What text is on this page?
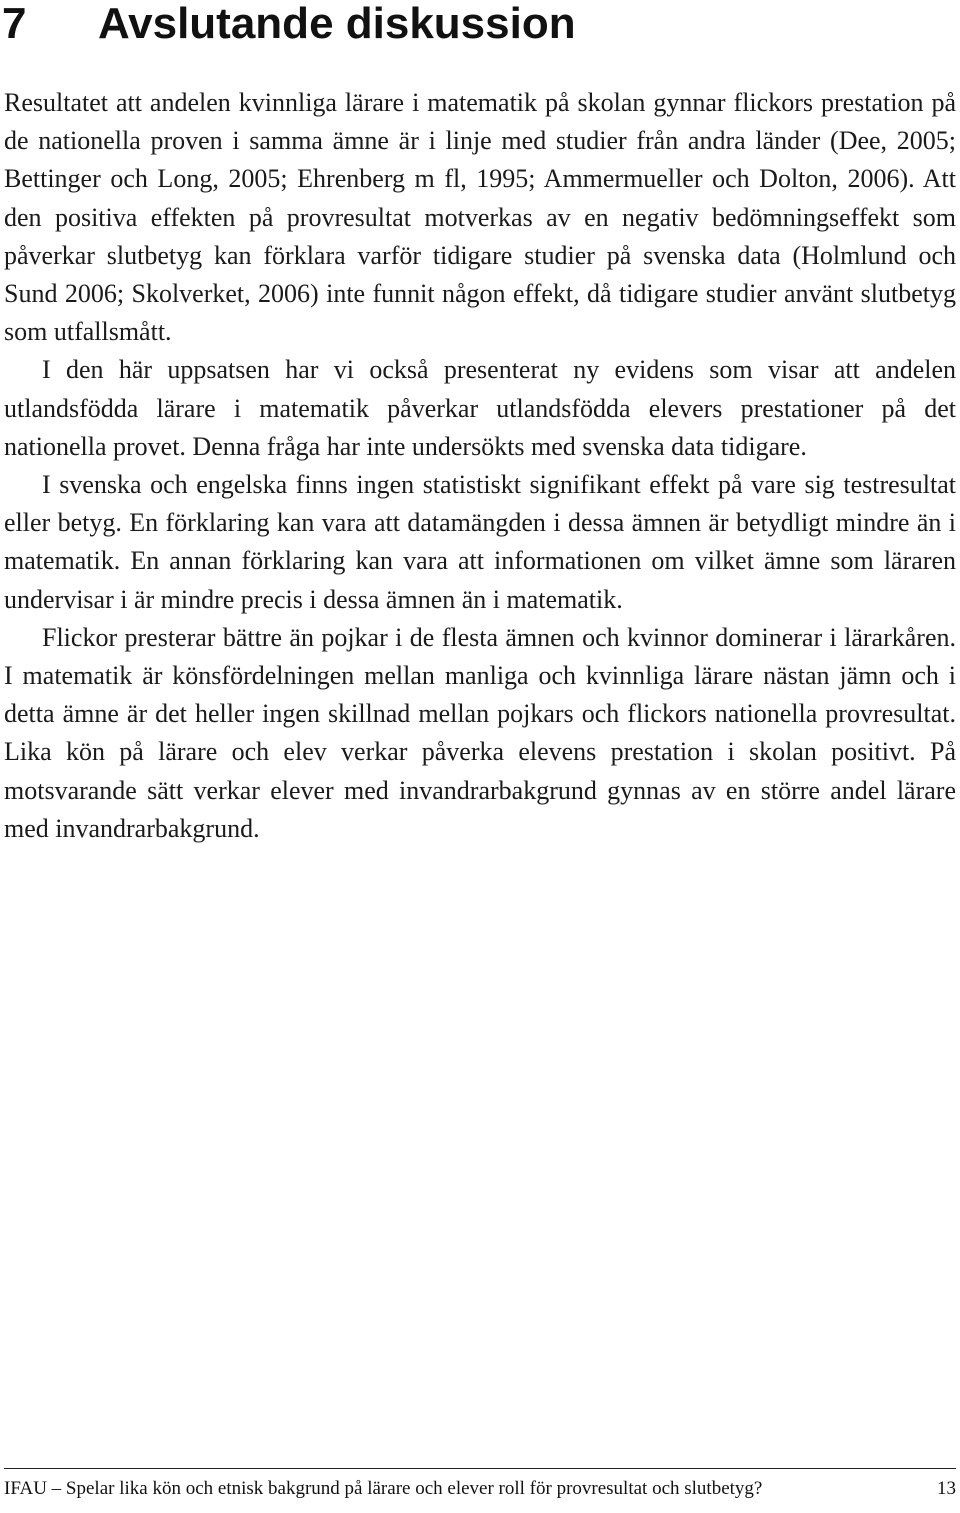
7 Avslutande diskussion

Resultatet att andelen kvinnliga lärare i matematik på skolan gynnar flickors prestation på de nationella proven i samma ämne är i linje med studier från andra länder (Dee, 2005; Bettinger och Long, 2005; Ehrenberg m fl, 1995; Ammermueller och Dolton, 2006). Att den positiva effekten på provresultat motverkas av en negativ bedömningseffekt som påverkar slutbetyg kan förklara varför tidigare studier på svenska data (Holmlund och Sund 2006; Skolverket, 2006) inte funnit någon effekt, då tidigare studier använt slutbetyg som utfallsmått.

I den här uppsatsen har vi också presenterat ny evidens som visar att andelen utlandsfödda lärare i matematik påverkar utlandsfödda elevers prestationer på det nationella provet. Denna fråga har inte undersökts med svenska data tidigare.

I svenska och engelska finns ingen statistiskt signifikant effekt på vare sig testresultat eller betyg. En förklaring kan vara att datamängden i dessa ämnen är betydligt mindre än i matematik. En annan förklaring kan vara att informationen om vilket ämne som läraren undervisar i är mindre precis i dessa ämnen än i matematik.

Flickor presterar bättre än pojkar i de flesta ämnen och kvinnor dominerar i lärarkåren. I matematik är könsfördelningen mellan manliga och kvinnliga lärare nästan jämn och i detta ämne är det heller ingen skillnad mellan pojkars och flickors nationella provresultat. Lika kön på lärare och elev verkar påverka elevens prestation i skolan positivt. På motsvarande sätt verkar elever med invandrarbakgrund gynnas av en större andel lärare med invandrarbakgrund.

IFAU – Spelar lika kön och etnisk bakgrund på lärare och elever roll för provresultat och slutbetyg?	13
